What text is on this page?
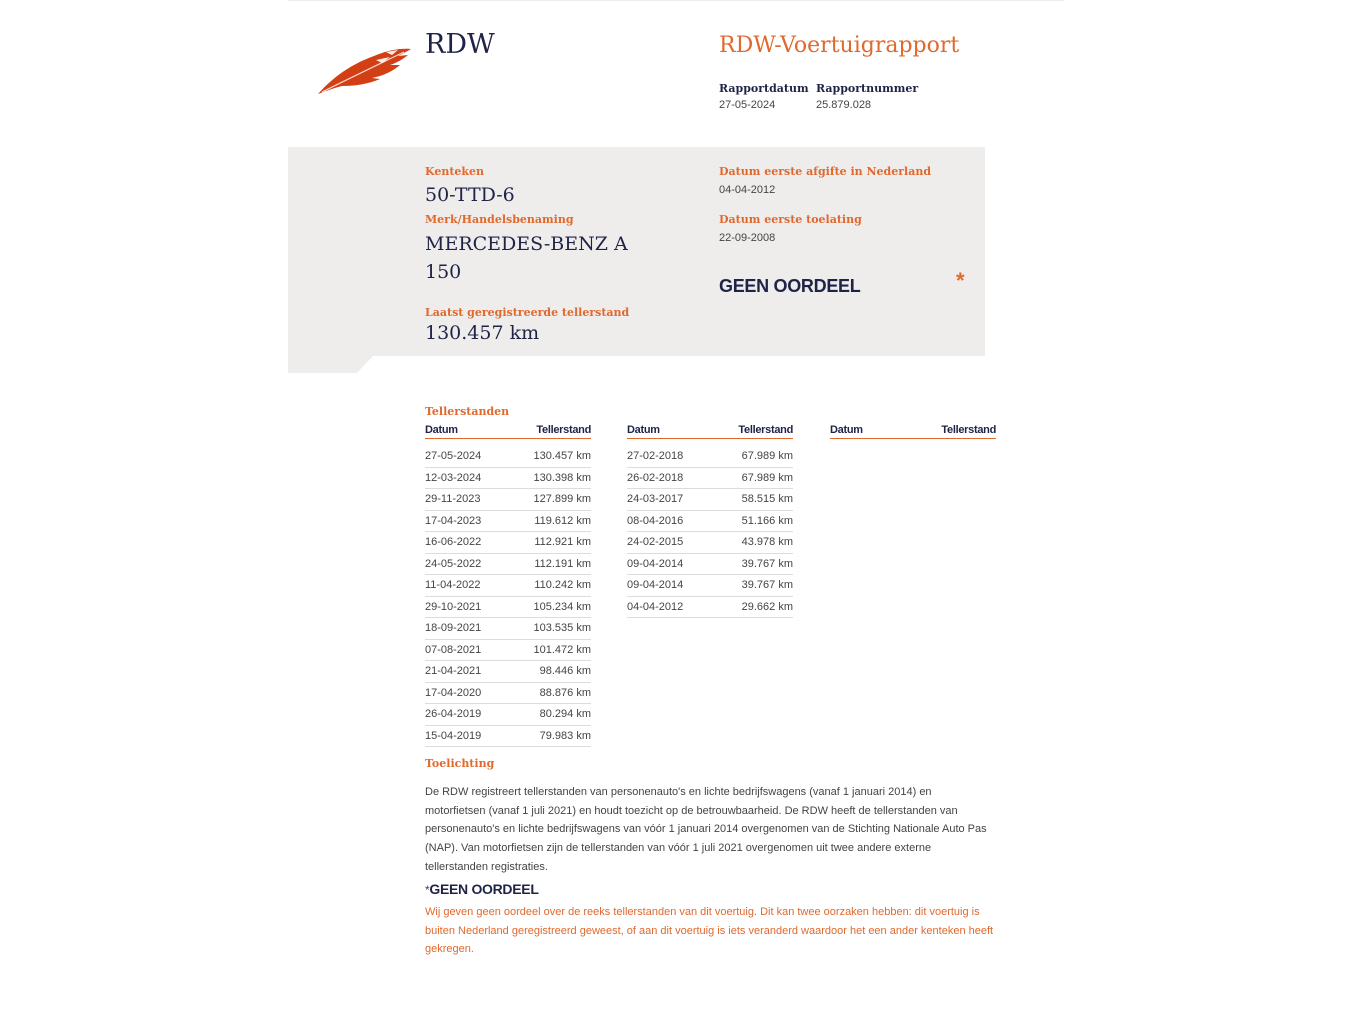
RDW	RDW-Voertuigrapport
Rapportdatum
27-05-2024
Rapportnummer
25.879.028
Kenteken
50-TTD-6
Merk/Handelsbenaming
MERCEDES-BENZ A
150
Laatst geregistreerde tellerstand
130.457 km
Datum eerste afgifte in Nederland
04-04-2012
Datum eerste toelating
22-09-2008
GEEN OORDEEL	*
Tellerstanden
Datum	Tellerstand
27-05-2024	130.457 km
12-03-2024	130.398 km
29-11-2023	127.899 km
17-04-2023	119.612 km
16-06-2022	112.921 km
24-05-2022	112.191 km
11-04-2022	110.242 km
29-10-2021	105.234 km
18-09-2021	103.535 km
07-08-2021	101.472 km
21-04-2021	98.446 km
17-04-2020	88.876 km
26-04-2019	80.294 km
15-04-2019	79.983 km
Datum	Tellerstand
27-02-2018	67.989 km
26-02-2018	67.989 km
24-03-2017	58.515 km
08-04-2016	51.166 km
24-02-2015	43.978 km
09-04-2014	39.767 km
09-04-2014	39.767 km
04-04-2012	29.662 km
Datum	Tellerstand
Toelichting
De RDW registreert tellerstanden van personenauto's en lichte bedrijfswagens (vanaf 1 januari 2014) en motorfietsen (vanaf 1 juli 2021) en houdt toezicht op de betrouwbaarheid. De RDW heeft de tellerstanden van personenauto's en lichte bedrijfswagens van vóór 1 januari 2014 overgenomen van de Stichting Nationale Auto Pas (NAP). Van motorfietsen zijn de tellerstanden van vóór 1 juli 2021 overgenomen uit twee andere externe tellerstanden registraties.
*GEEN OORDEEL
Wij geven geen oordeel over de reeks tellerstanden van dit voertuig. Dit kan twee oorzaken hebben: dit voertuig is buiten Nederland geregistreerd geweest, of aan dit voertuig is iets veranderd waardoor het een ander kenteken heeft gekregen.
